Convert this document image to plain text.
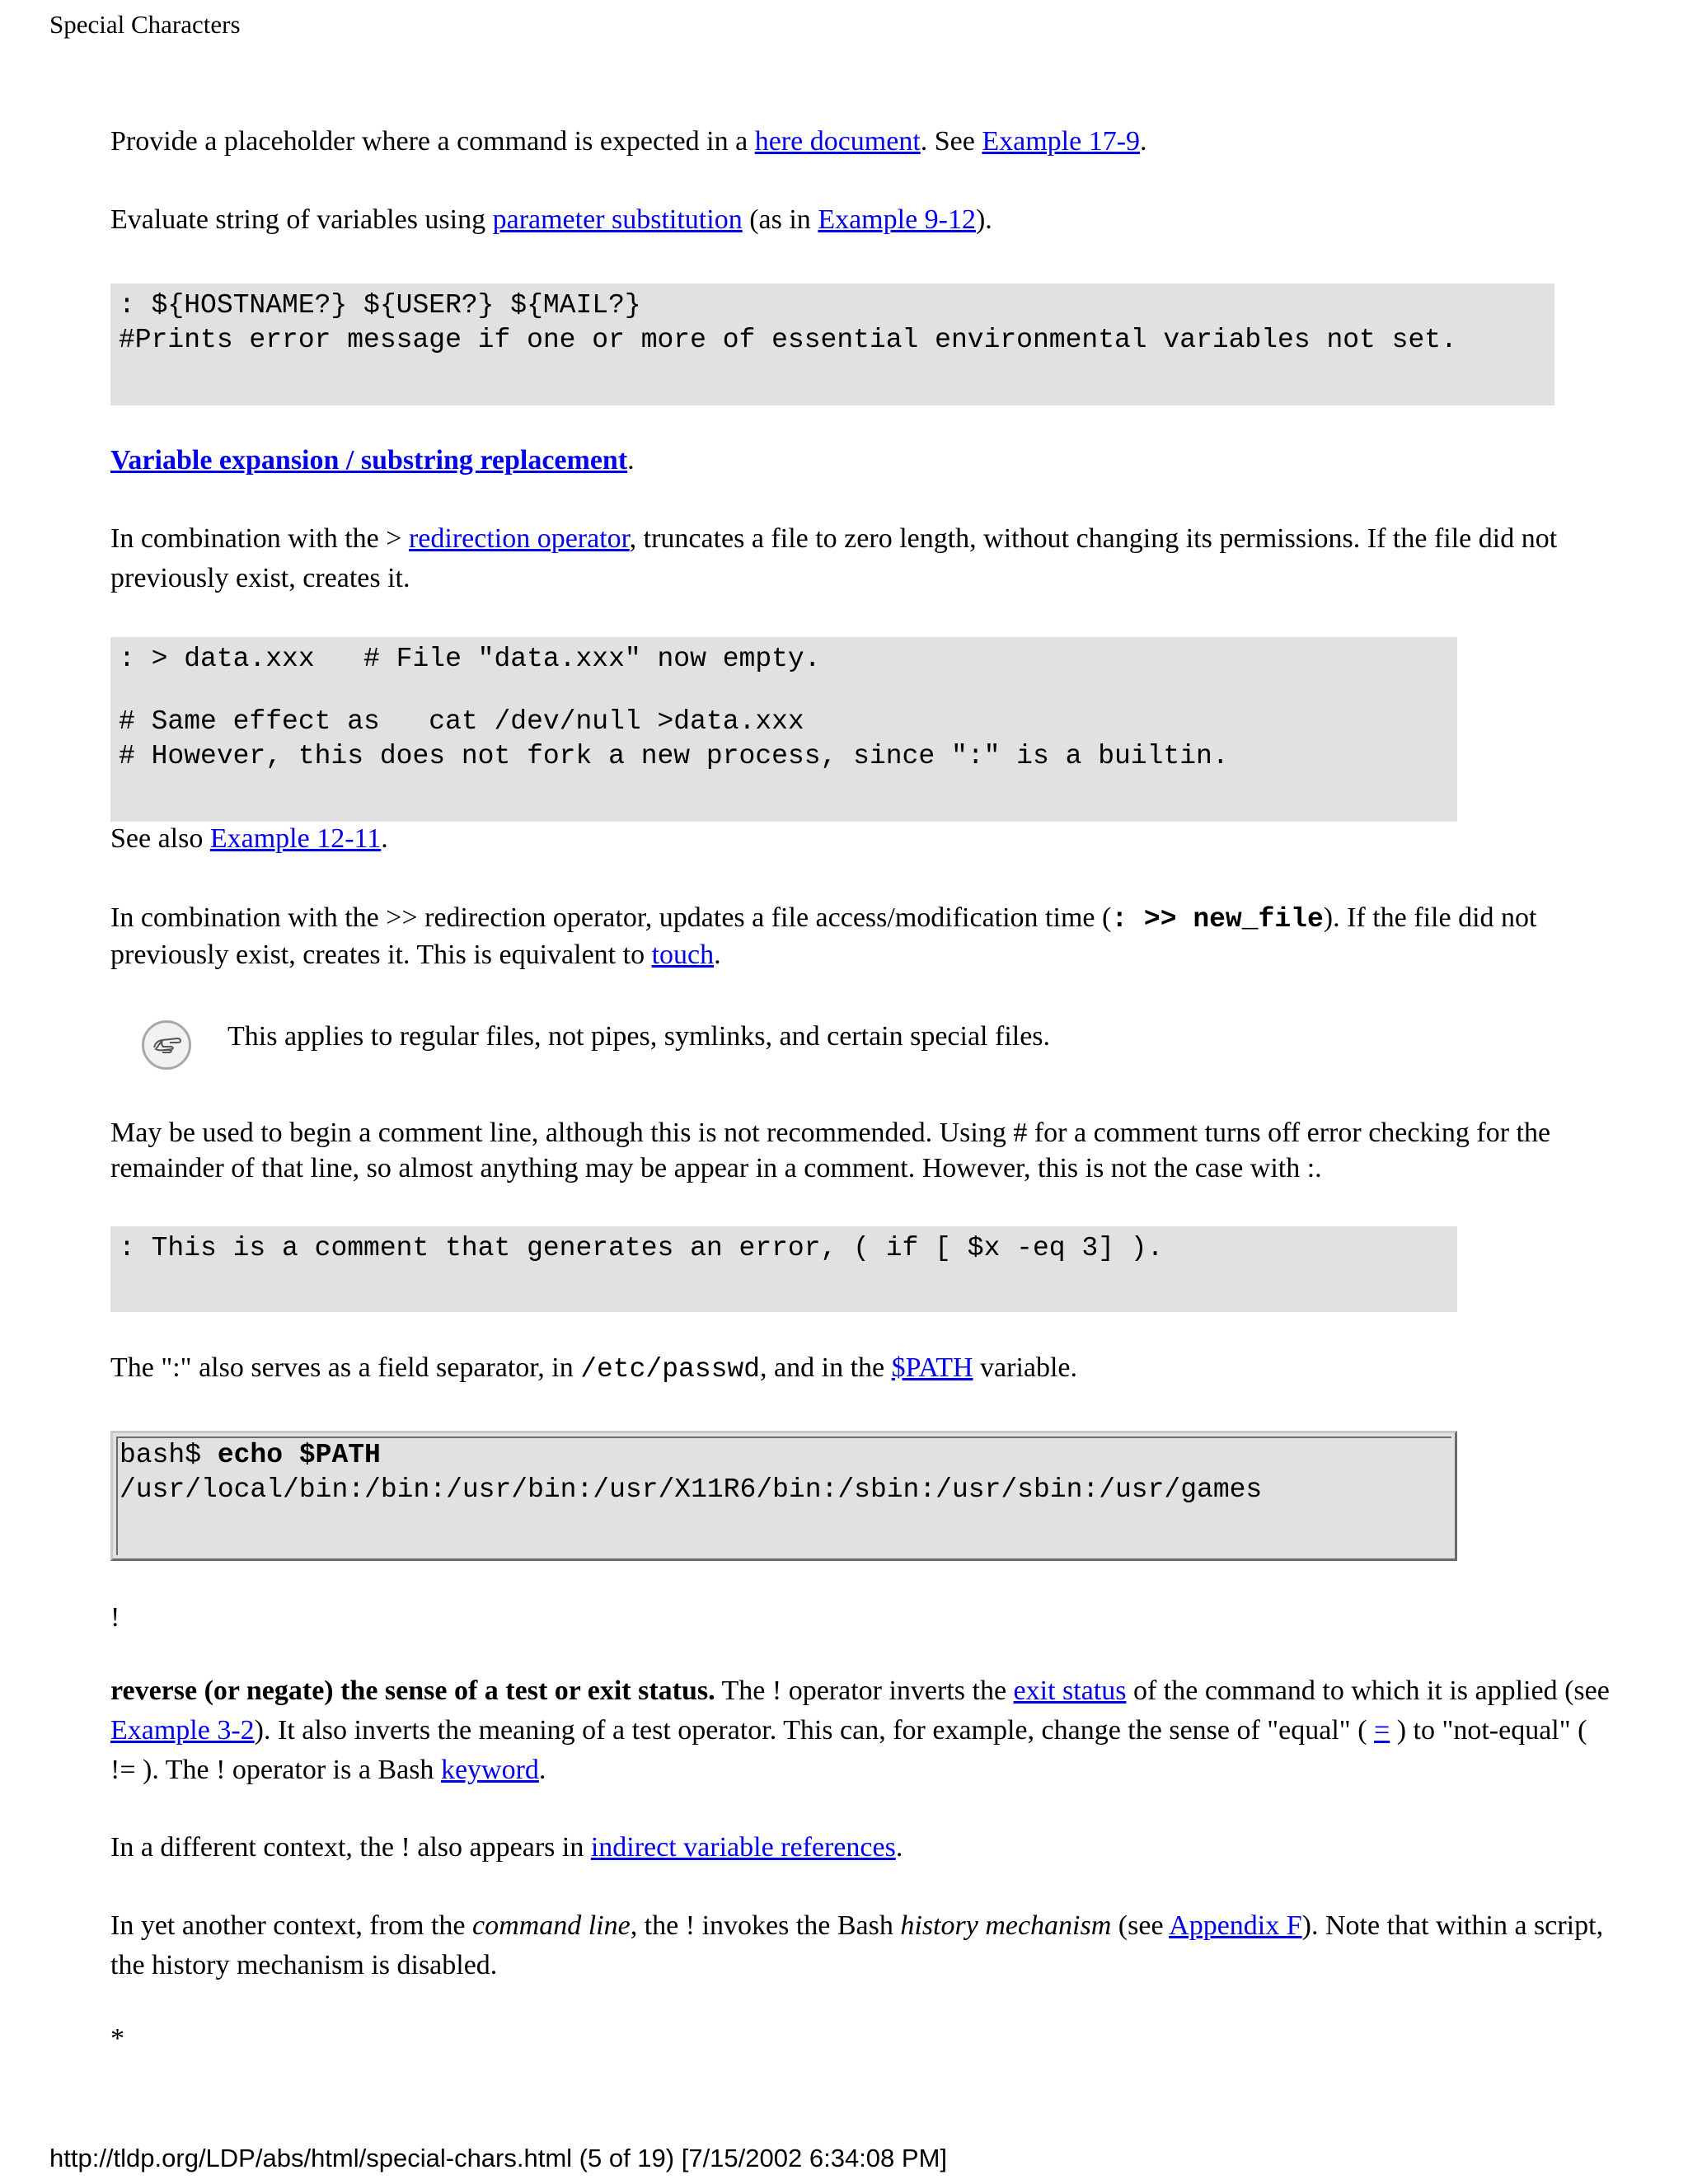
Special Characters

Provide a placeholder where a command is expected in a here document. See Example 17-9.

Evaluate string of variables using parameter substitution (as in Example 9-12).

: ${HOSTNAME?} ${USER?} ${MAIL?}
#Prints error message if one or more of essential environmental variables not set.

Variable expansion / substring replacement.

In combination with the > redirection operator, truncates a file to zero length, without changing its permissions. If the file did not previously exist, creates it.

: > data.xxx   # File "data.xxx" now empty.

# Same effect as   cat /dev/null >data.xxx
# However, this does not fork a new process, since ":" is a builtin.

See also Example 12-11.

In combination with the >> redirection operator, updates a file access/modification time (: >> new_file). If the file did not previously exist, creates it. This is equivalent to touch.

This applies to regular files, not pipes, symlinks, and certain special files.

May be used to begin a comment line, although this is not recommended. Using # for a comment turns off error checking for the remainder of that line, so almost anything may be appear in a comment. However, this is not the case with :.

: This is a comment that generates an error, ( if [ $x -eq 3] ).

The ":" also serves as a field separator, in /etc/passwd, and in the $PATH variable.

bash$ echo $PATH
/usr/local/bin:/bin:/usr/bin:/usr/X11R6/bin:/sbin:/usr/sbin:/usr/games
!

reverse (or negate) the sense of a test or exit status. The ! operator inverts the exit status of the command to which it is applied (see Example 3-2). It also inverts the meaning of a test operator. This can, for example, change the sense of "equal" ( = ) to "not-equal" ( != ). The ! operator is a Bash keyword.

In a different context, the ! also appears in indirect variable references.

In yet another context, from the command line, the ! invokes the Bash history mechanism (see Appendix F). Note that within a script, the history mechanism is disabled.

*
http://tldp.org/LDP/abs/html/special-chars.html (5 of 19) [7/15/2002 6:34:08 PM]
